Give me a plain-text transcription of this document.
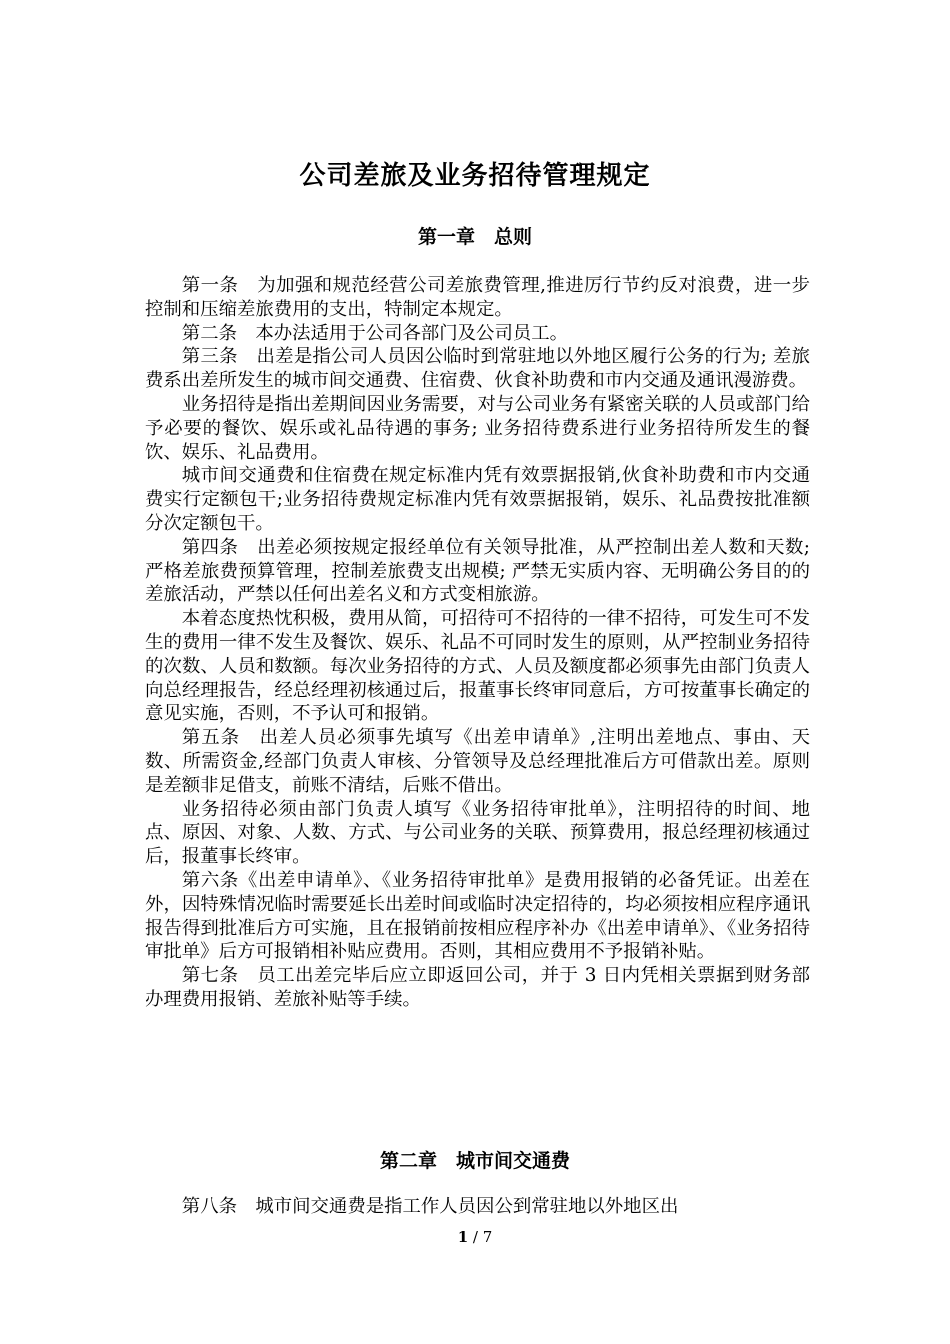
公司差旅及业务招待管理规定
第一章　总则

第一条　为加强和规范经营公司差旅费管理,推进厉行节约反对浪费，进一步控制和压缩差旅费用的支出，特制定本规定。

第二条　本办法适用于公司各部门及公司员工。

第三条　出差是指公司人员因公临时到常驻地以外地区履行公务的行为; 差旅费系出差所发生的城市间交通费、住宿费、伙食补助费和市内交通及通讯漫游费。

业务招待是指出差期间因业务需要，对与公司业务有紧密关联的人员或部门给予必要的餐饮、娱乐或礼品待遇的事务; 业务招待费系进行业务招待所发生的餐饮、娱乐、礼品费用。

城市间交通费和住宿费在规定标准内凭有效票据报销,伙食补助费和市内交通费实行定额包干;业务招待费规定标准内凭有效票据报销，娱乐、礼品费按批准额分次定额包干。

第四条　出差必须按规定报经单位有关领导批准，从严控制出差人数和天数; 严格差旅费预算管理，控制差旅费支出规模; 严禁无实质内容、无明确公务目的的差旅活动，严禁以任何出差名义和方式变相旅游。

本着态度热忱积极，费用从简，可招待可不招待的一律不招待，可发生可不发生的费用一律不发生及餐饮、娱乐、礼品不可同时发生的原则，从严控制业务招待的次数、人员和数额。每次业务招待的方式、人员及额度都必须事先由部门负责人向总经理报告，经总经理初核通过后，报董事长终审同意后，方可按董事长确定的意见实施，否则，不予认可和报销。

第五条　出差人员必须事先填写《出差申请单》,注明出差地点、事由、天数、所需资金,经部门负责人审核、分管领导及总经理批准后方可借款出差。原则是差额非足借支，前账不清结，后账不借出。

业务招待必须由部门负责人填写《业务招待审批单》，注明招待的时间、地点、原因、对象、人数、方式、与公司业务的关联、预算费用，报总经理初核通过后，报董事长终审。

第六条《出差申请单》、《业务招待审批单》是费用报销的必备凭证。出差在外，因特殊情况临时需要延长出差时间或临时决定招待的，均必须按相应程序通讯报告得到批准后方可实施，且在报销前按相应程序补办《出差申请单》、《业务招待审批单》后方可报销相补贴应费用。否则，其相应费用不予报销补贴。

第七条　员工出差完毕后应立即返回公司，并于 3 日内凭相关票据到财务部办理费用报销、差旅补贴等手续。

第二章　城市间交通费

第八条　城市间交通费是指工作人员因公到常驻地以外地区出

1 / 7
